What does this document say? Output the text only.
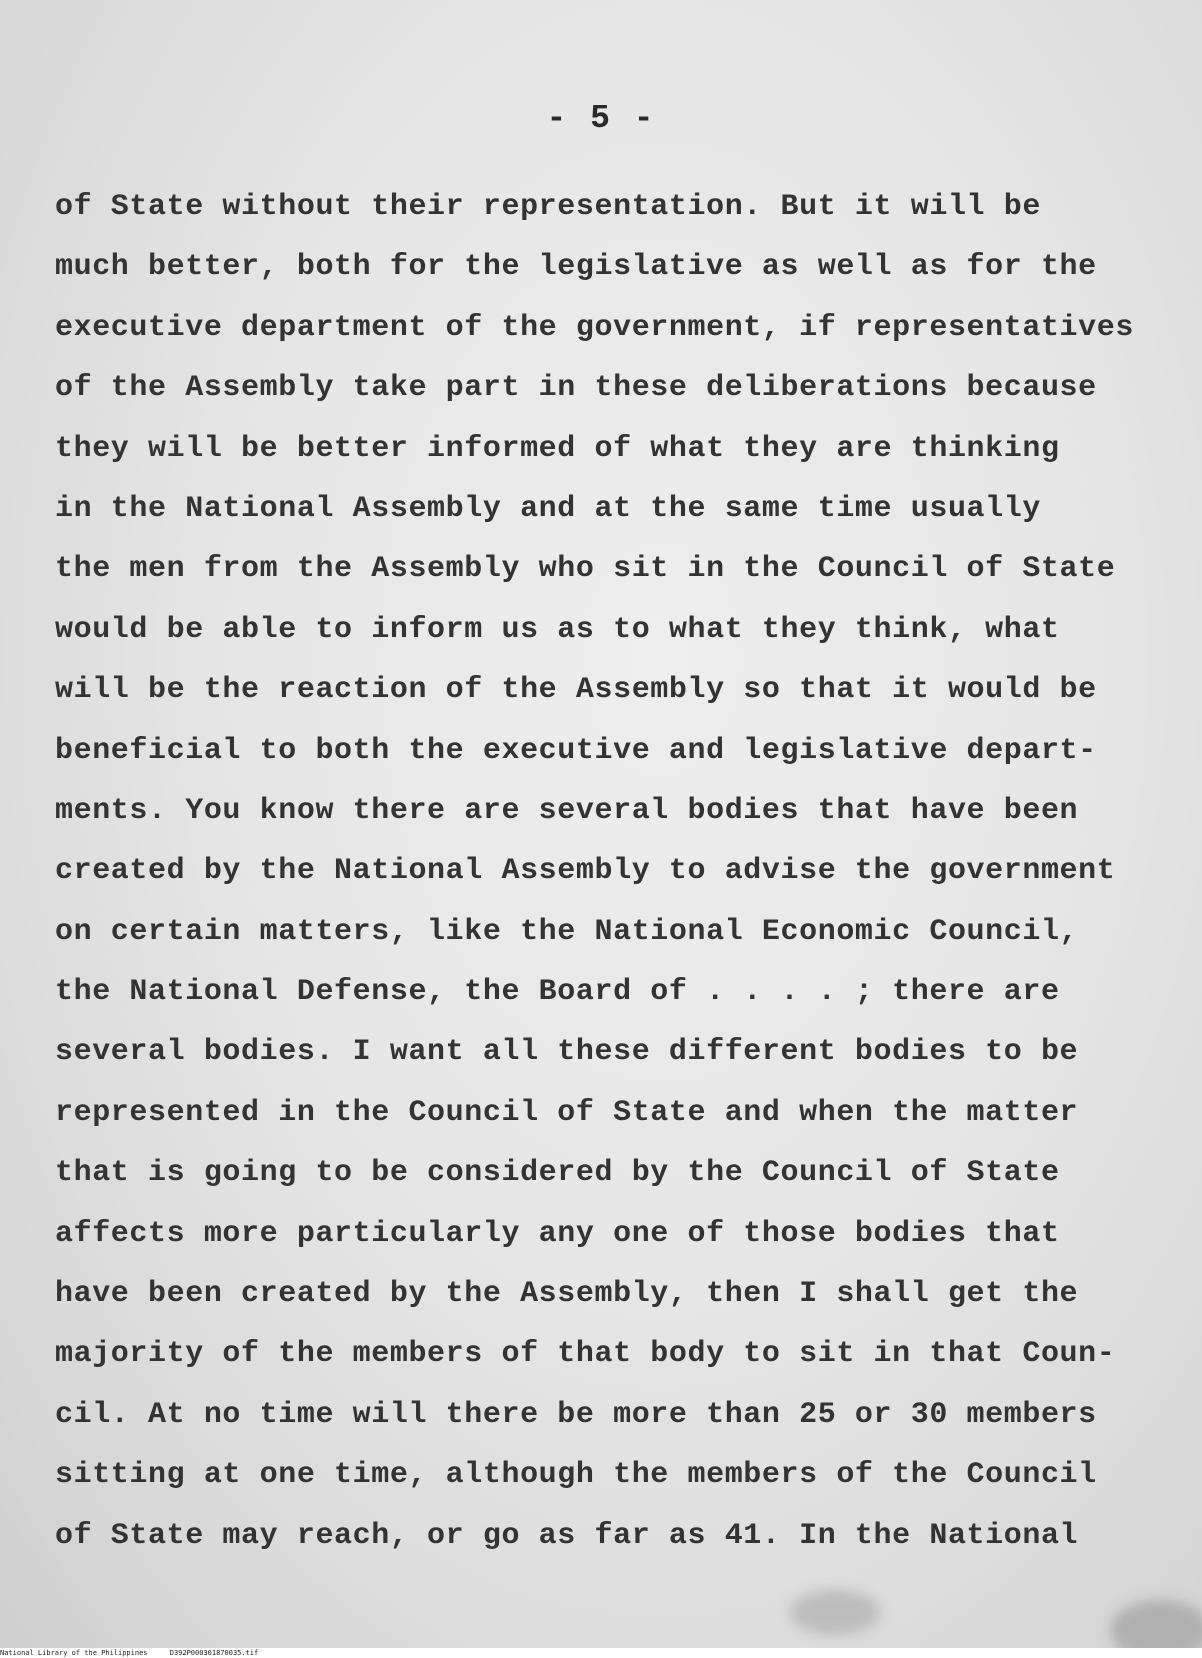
- 5 -
of State without their representation. But it will be
much better, both for the legislative as well as for the
executive department of the government, if representatives
of the Assembly take part in these deliberations because
they will be better informed of what they are thinking
in the National Assembly and at the same time usually
the men from the Assembly who sit in the Council of State
would be able to inform us as to what they think, what
will be the reaction of the Assembly so that it would be
beneficial to both the executive and legislative depart-
ments. You know there are several bodies that have been
created by the National Assembly to advise the government
on certain matters, like the National Economic Council,
the National Defense, the Board of . . . . ; there are
several bodies. I want all these different bodies to be
represented in the Council of State and when the matter
that is going to be considered by the Council of State
affects more particularly any one of those bodies that
have been created by the Assembly, then I shall get the
majority of the members of that body to sit in that Coun-
cil. At no time will there be more than 25 or 30 members
sitting at one time, although the members of the Council
of State may reach, or go as far as 41. In the National
National Library of the Philippines	D392P000301870035.tif
